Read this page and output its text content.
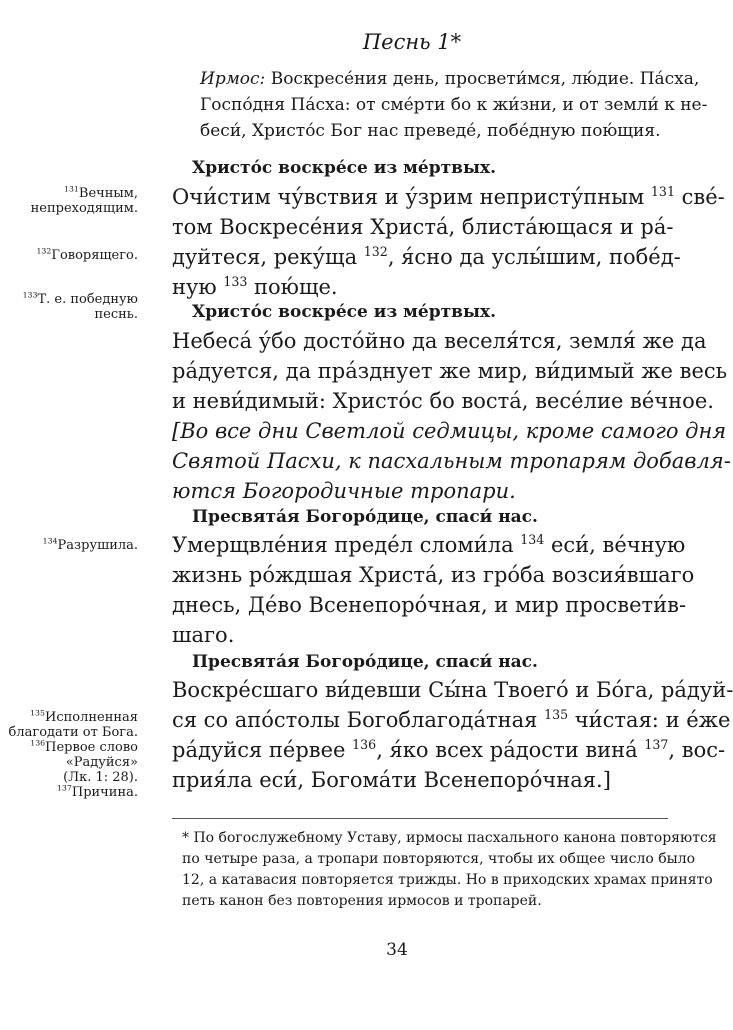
Песнь 1*
Ирмос: Воскресе́ния день, просвети́мся, лю́дие. Па́сха,
Госпо́дня Па́сха: от сме́рти бо к жи́зни, и от земли́ к не-
беси́, Христо́с Бог нас преведе́, побе́дную пою́щия.
Христо́с воскре́се из ме́ртвых.
Очи́стим чу́вствия и у́зрим непристу́пным $^{131}$ све́-
том Воскресе́ния Христа́, блиста́ющася и ра́-
дуйтеся, реку́ща $^{132}$, я́сно да услы́шим, побе́д-
ную $^{133}$ пою́ще.
Христо́с воскре́се из ме́ртвых.
Небеса́ у́бо досто́йно да веселя́тся, земля́ же да
ра́дуется, да пра́зднует же мир, ви́димый же весь
и неви́димый: Христо́с бо воста́, весе́лие ве́чное.
[Во все дни Светлой седмицы, кроме самого дня
Святой Пасхи, к пасхальным тропарям добавля-
ются Богородичные тропари.
Пресвята́я Богоро́дице, спаси́ нас.
Умерщвле́ния преде́л сломи́ла $^{134}$ еси́, ве́чную
жизнь ро́ждшая Христа́, из гро́ба возсия́вшаго
днесь, Де́во Всенепоро́чная, и мир просвети́в-
шаго.
Пресвята́я Богоро́дице, спаси́ нас.
Воскре́сшаго ви́девши Сы́на Твоего́ и Бо́га, ра́дуй-
ся со апо́столы Богоблагода́тная $^{135}$ чи́стая: и е́же
ра́дуйся пе́рвее $^{136}$, я́ко всех ра́дости вина́ $^{137}$, вос-
прия́ла еси́, Богома́ти Всенепоро́чная.]
$^{131}$Вечным,
непреходящим.
$^{132}$Говорящего.
$^{133}$Т. е. победную
песнь.
$^{134}$Разрушила.
$^{135}$Исполненная
благодати от Бога.
$^{136}$Первое слово
«Радуйся»
(Лк. 1: 28).
$^{137}$Причина.
* По богослужебному Уставу, ирмосы пасхального канона повторяются
по четыре раза, а тропари повторяются, чтобы их общее число было
12, а катавасия повторяется трижды. Но в приходских храмах принято
петь канон без повторения ирмосов и тропарей.
34
